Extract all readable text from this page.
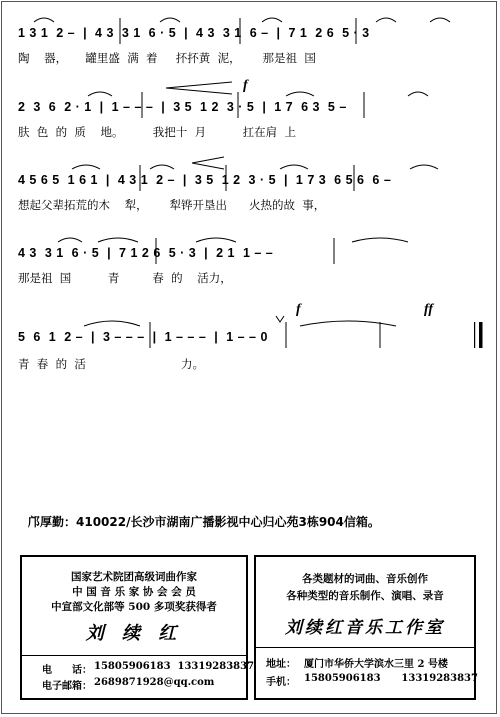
1 3 1  2 –  |  4 3  3 1  6 · 5  |  4 3  3 1  6 –  |  7 1  2 6  5 · 3
陶    器，     罐里盛  满  着     抔抔黄  泥，      那是祖  国
f
2  3  6  2 · 1  |  1 – – –  |  3 5  1 2  3 · 5  |  1 7  6 3  5 –
肤  色  的  质    地。        我把十  月          扛在肩  上
4 5 6 5  1 6 1  |  4 3 1  2 –  |  3 5  1 2  3 · 5  |  1 7 3  6 5 6  6 –
想起父辈拓荒的木    犁，      犁铧开垦出      火热的故  事，
4 3  3 1  6 · 5  |  7 1 2 6  5 · 3  |  2 1  1 – –
那是祖  国          青         春  的    活力，
f	ff
5  6  1  2 –  |  3 – – –  |  1 – – –  |  1 – – 0
青  春  的  活                          力。
邝厚勤：410022/长沙市湖南广播影视中心归心苑3栋904信箱。
国家艺术院团高级词曲作家
中 国 音 乐 家 协 会 会 员
中宣部文化部等 500 多项奖获得者
刘 续 红
电　　话： 15805906183  13319283837
电子邮箱： 2689871928@qq.com
各类题材的词曲、音乐创作
各种类型的音乐制作、演唱、录音
刘续红音乐工作室
地址： 厦门市华侨大学滨水三里 2 号楼
手机： 15805906183      13319283837
